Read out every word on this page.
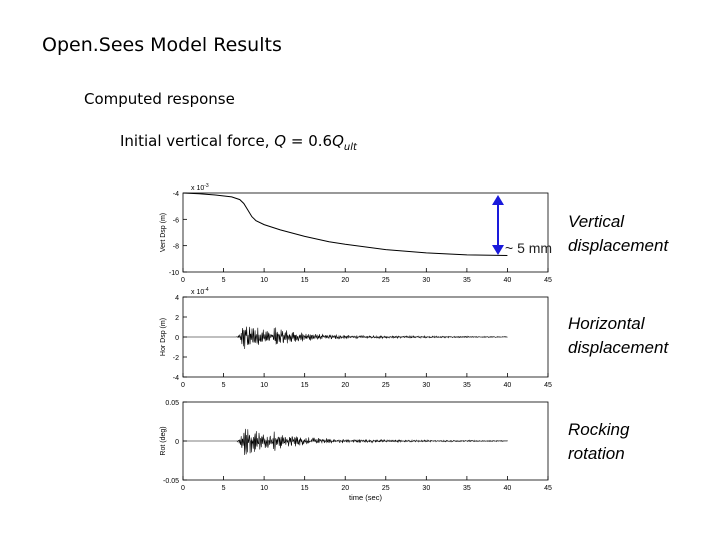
Open.Sees Model Results
Computed response
Initial vertical force, $Q = 0.6Q_{ult}$
-4
-6
-8
-10
0	5	10	15	20	25	30	35	40	45
Vert Dsp (m)
x $10^{-3}$
4
2
0
-2
-4
0	5	10	15	20	25	30	35	40	45
Hor Dsp (m)
x $10^{-4}$
0.05
0
-0.05
0	5	10	15	20	25	30	35	40	45
Rot (deg)
time (sec)
~ 5 mm
Vertical
displacement
Horizontal
displacement
Rocking
rotation
